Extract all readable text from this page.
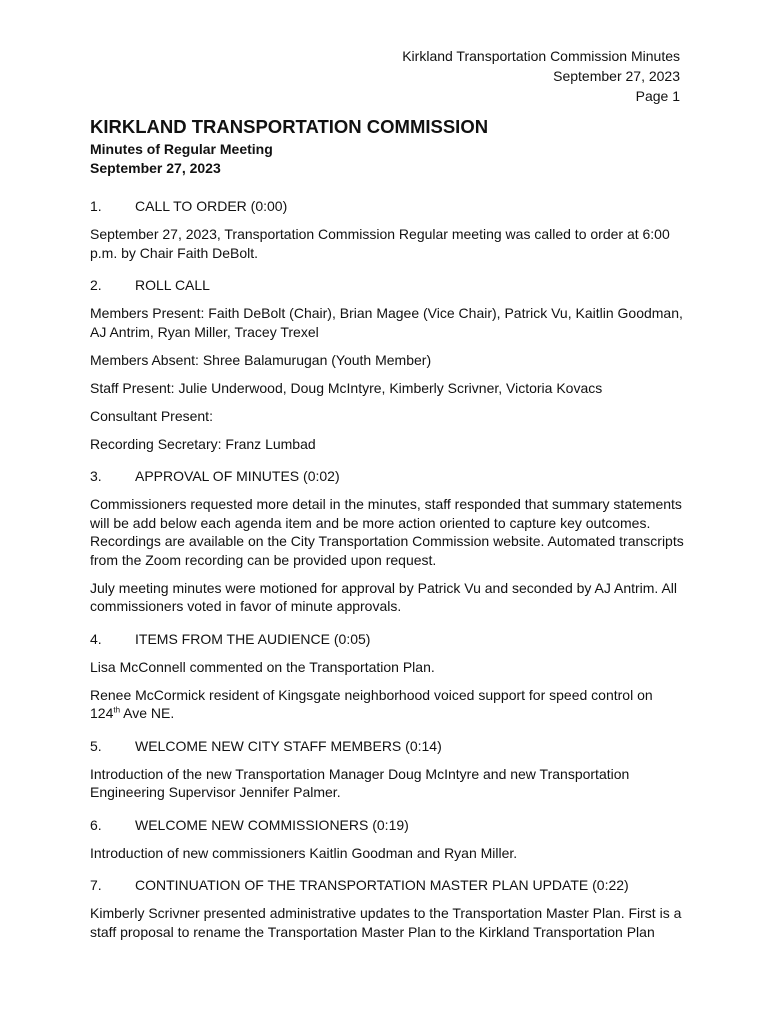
Kirkland Transportation Commission Minutes
September 27, 2023
Page 1
KIRKLAND TRANSPORTATION COMMISSION
Minutes of Regular Meeting
September 27, 2023
1.	CALL TO ORDER (0:00)

September 27, 2023, Transportation Commission Regular meeting was called to order at 6:00 p.m. by Chair Faith DeBolt.

2.	ROLL CALL

Members Present: Faith DeBolt (Chair), Brian Magee (Vice Chair), Patrick Vu, Kaitlin Goodman, AJ Antrim, Ryan Miller, Tracey Trexel

Members Absent: Shree Balamurugan (Youth Member)

Staff Present: Julie Underwood, Doug McIntyre, Kimberly Scrivner, Victoria Kovacs

Consultant Present:

Recording Secretary: Franz Lumbad

3.	APPROVAL OF MINUTES (0:02)

Commissioners requested more detail in the minutes, staff responded that summary statements will be add below each agenda item and be more action oriented to capture key outcomes. Recordings are available on the City Transportation Commission website. Automated transcripts from the Zoom recording can be provided upon request.

July meeting minutes were motioned for approval by Patrick Vu and seconded by AJ Antrim. All commissioners voted in favor of minute approvals.

4.	ITEMS FROM THE AUDIENCE (0:05)

Lisa McConnell commented on the Transportation Plan.

Renee McCormick resident of Kingsgate neighborhood voiced support for speed control on 124th Ave NE.

5.	WELCOME NEW CITY STAFF MEMBERS (0:14)

Introduction of the new Transportation Manager Doug McIntyre and new Transportation Engineering Supervisor Jennifer Palmer.

6.	WELCOME NEW COMMISSIONERS (0:19)

Introduction of new commissioners Kaitlin Goodman and Ryan Miller.

7.	CONTINUATION OF THE TRANSPORTATION MASTER PLAN UPDATE (0:22)

Kimberly Scrivner presented administrative updates to the Transportation Master Plan. First is a staff proposal to rename the Transportation Master Plan to the Kirkland Transportation Plan
